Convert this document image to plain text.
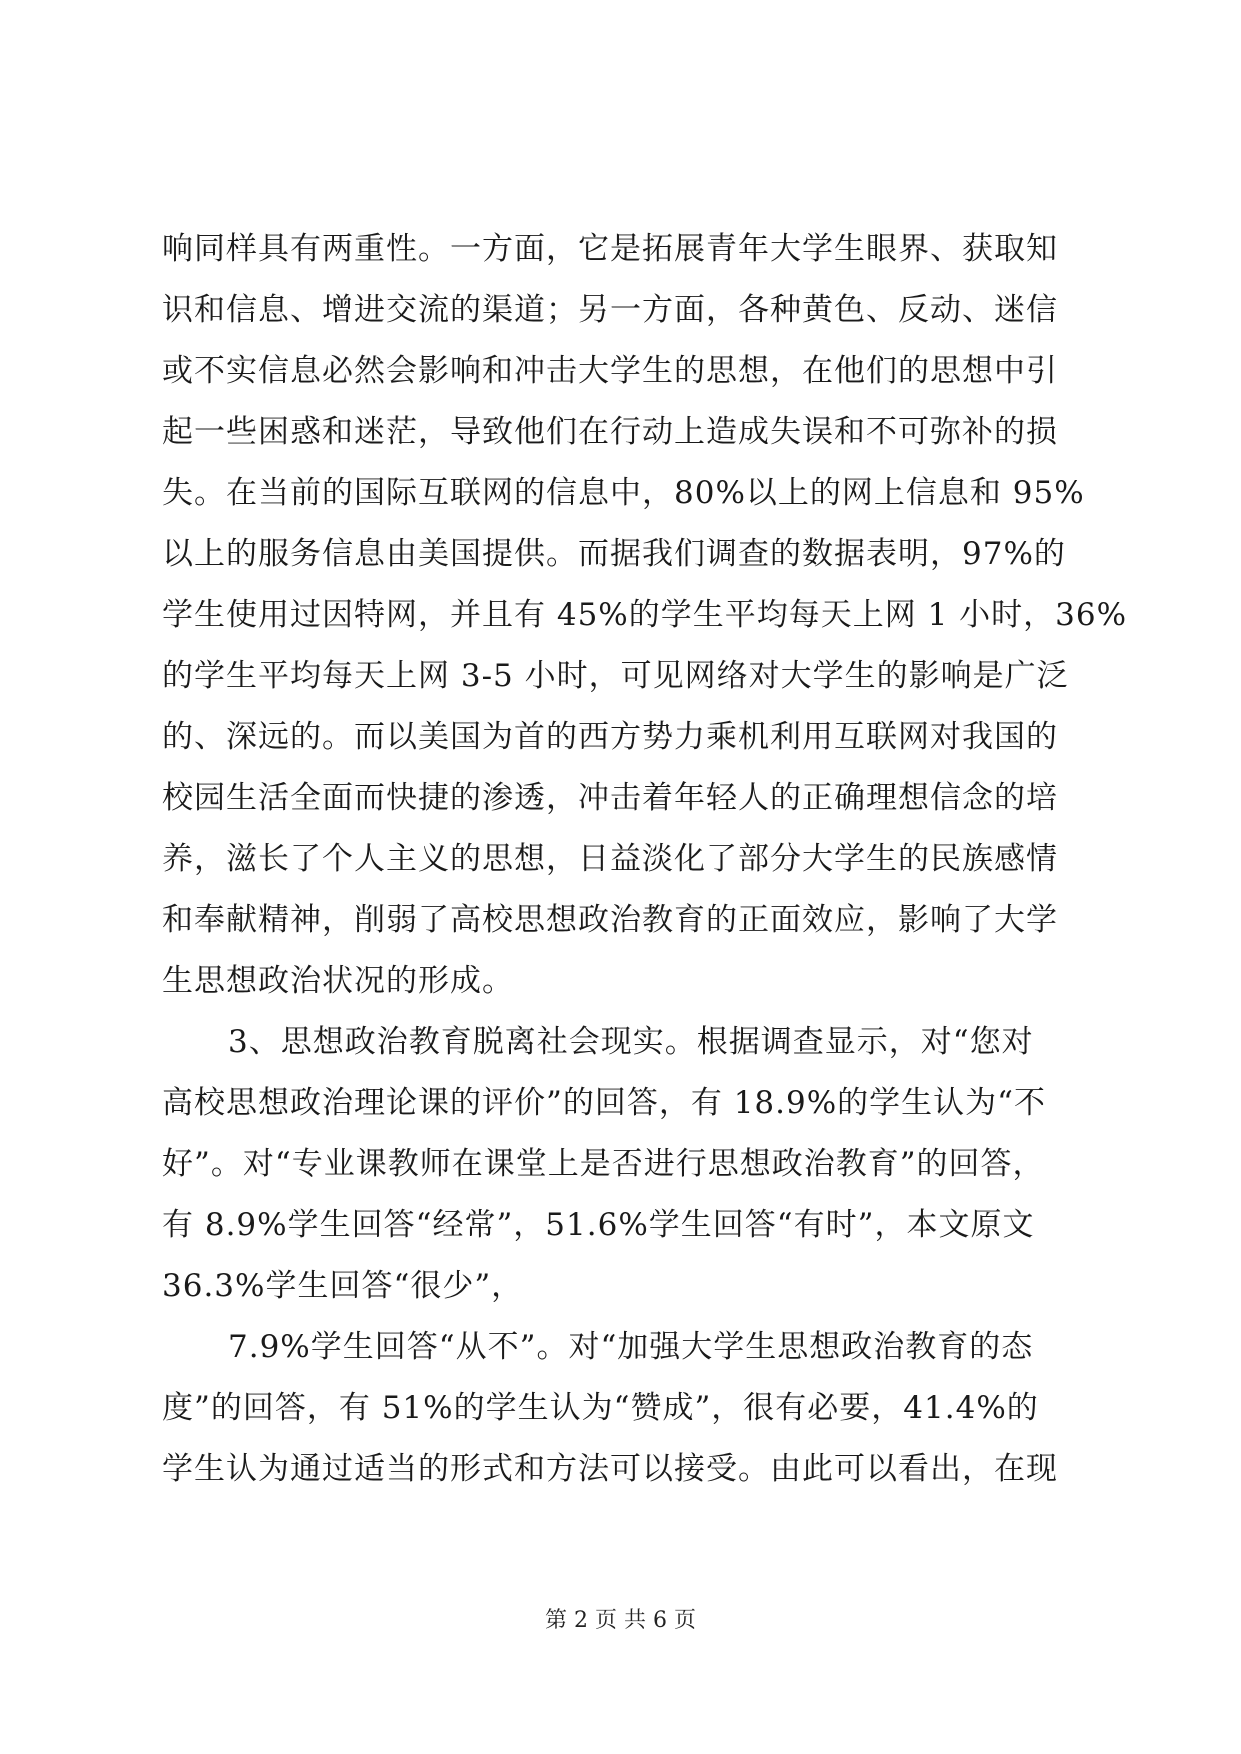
响同样具有两重性。一方面，它是拓展青年大学生眼界、获取知
识和信息、增进交流的渠道；另一方面，各种黄色、反动、迷信
或不实信息必然会影响和冲击大学生的思想，在他们的思想中引
起一些困惑和迷茫，导致他们在行动上造成失误和不可弥补的损
失。在当前的国际互联网的信息中，80%以上的网上信息和 95%
以上的服务信息由美国提供。而据我们调查的数据表明，97%的
学生使用过因特网，并且有 45%的学生平均每天上网 1 小时，36%
的学生平均每天上网 3-5 小时，可见网络对大学生的影响是广泛
的、深远的。而以美国为首的西方势力乘机利用互联网对我国的
校园生活全面而快捷的渗透，冲击着年轻人的正确理想信念的培
养，滋长了个人主义的思想，日益淡化了部分大学生的民族感情
和奉献精神，削弱了高校思想政治教育的正面效应，影响了大学
生思想政治状况的形成。
3、思想政治教育脱离社会现实。根据调查显示，对“您对
高校思想政治理论课的评价”的回答，有 18.9%的学生认为“不
好”。对“专业课教师在课堂上是否进行思想政治教育”的回答，
有 8.9%学生回答“经常”，51.6%学生回答“有时”，本文原文
36.3%学生回答“很少”，
7.9%学生回答“从不”。对“加强大学生思想政治教育的态
度”的回答，有 51%的学生认为“赞成”，很有必要，41.4%的
学生认为通过适当的形式和方法可以接受。由此可以看出，在现
第 2 页 共 6 页
